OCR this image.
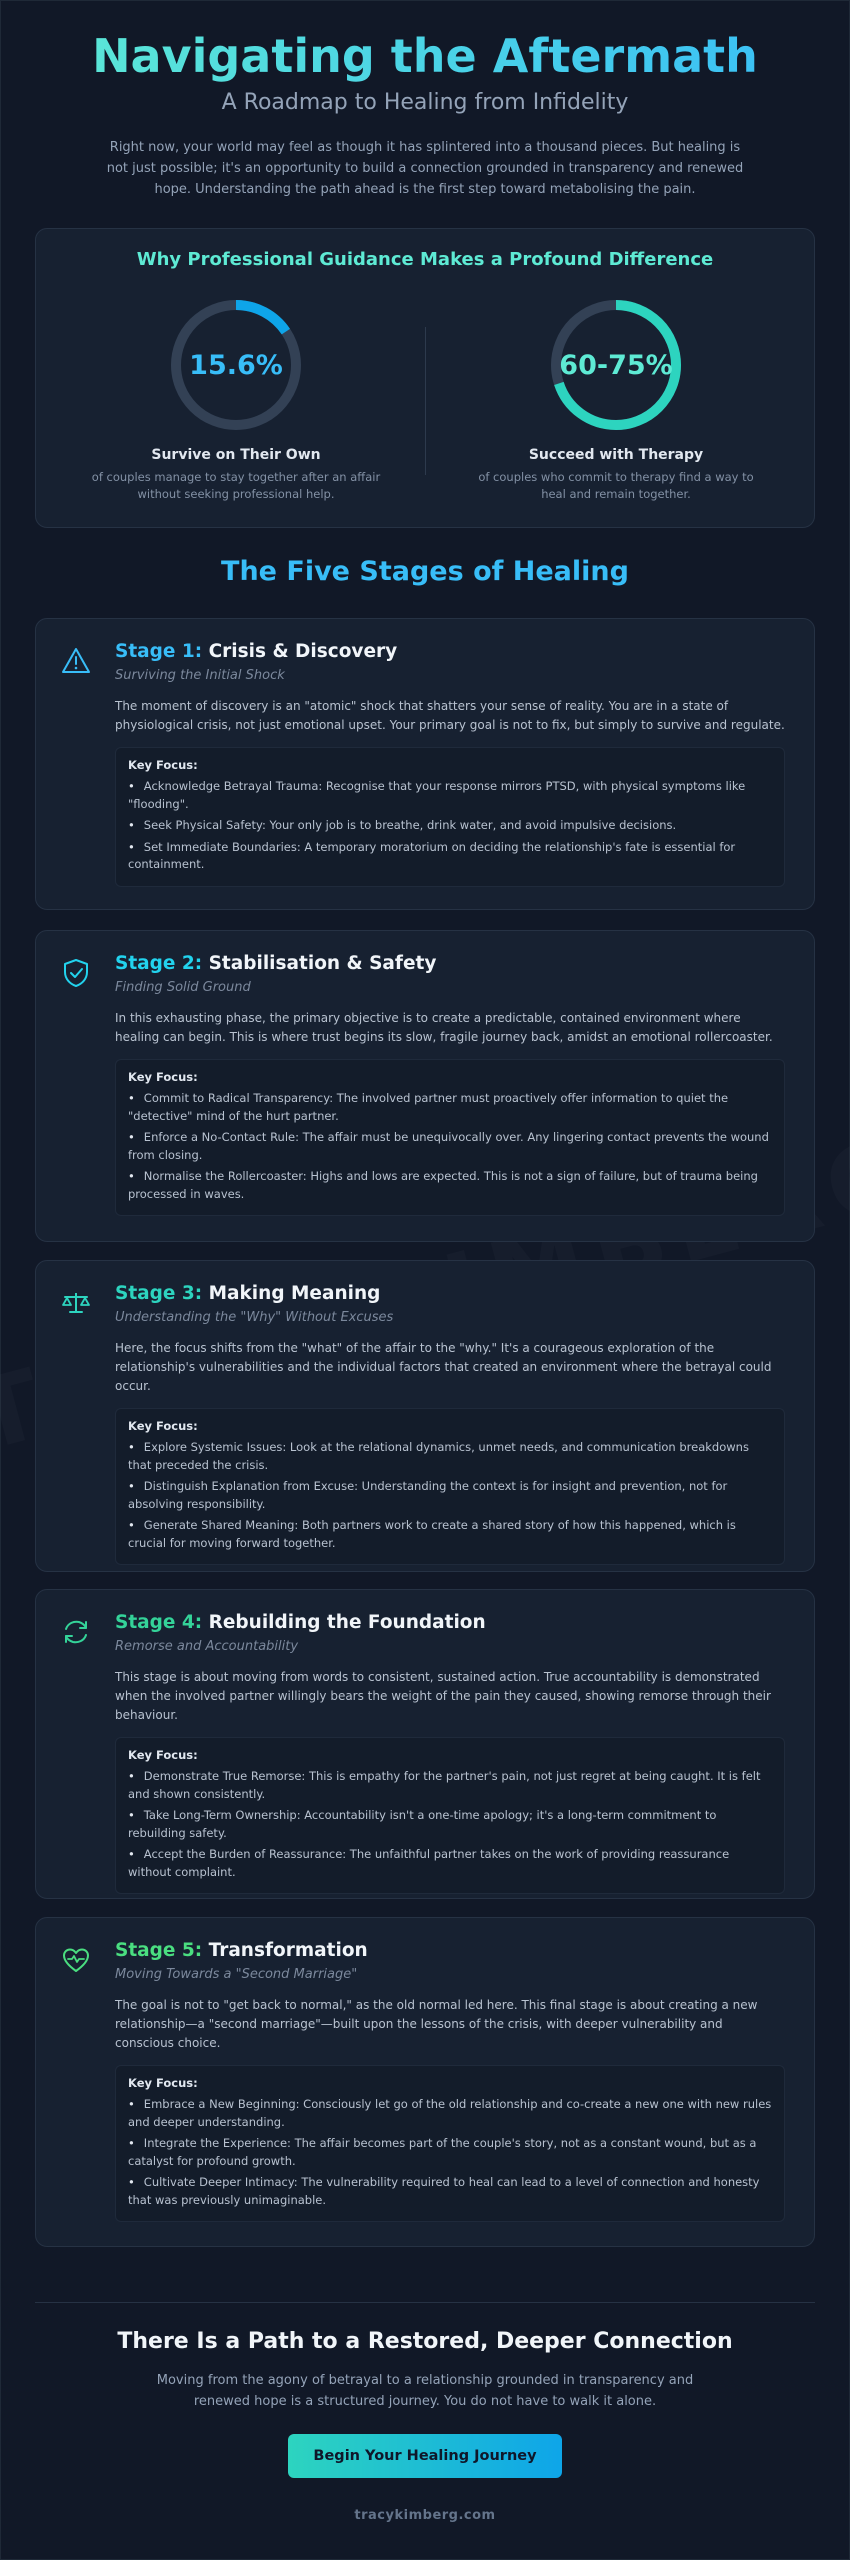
Navigating the Aftermath
A Roadmap to Healing from Infidelity

Right now, your world may feel as though it has splintered into a thousand pieces. But healing is not just possible; it's an opportunity to build a connection grounded in transparency and renewed hope. Understanding the path ahead is the first step toward metabolising the pain.

Why Professional Guidance Makes a Profound Difference
15.6%
Survive on Their Own
of couples manage to stay together after an affair without seeking professional help.
60-75%
Succeed with Therapy
of couples who commit to therapy find a way to heal and remain together.
The Five Stages of Healing
Stage 1: Crisis & Discovery
Surviving the Initial Shock

The moment of discovery is an "atomic" shock that shatters your sense of reality. You are in a state of physiological crisis, not just emotional upset. Your primary goal is not to fix, but simply to survive and regulate.

Key Focus:
• Acknowledge Betrayal Trauma: Recognise that your response mirrors PTSD, with physical symptoms like "flooding".
• Seek Physical Safety: Your only job is to breathe, drink water, and avoid impulsive decisions.
• Set Immediate Boundaries: A temporary moratorium on deciding the relationship's fate is essential for containment.
Stage 2: Stabilisation & Safety
Finding Solid Ground

In this exhausting phase, the primary objective is to create a predictable, contained environment where healing can begin. This is where trust begins its slow, fragile journey back, amidst an emotional rollercoaster.

Key Focus:
• Commit to Radical Transparency: The involved partner must proactively offer information to quiet the "detective" mind of the hurt partner.
• Enforce a No-Contact Rule: The affair must be unequivocally over. Any lingering contact prevents the wound from closing.
• Normalise the Rollercoaster: Highs and lows are expected. This is not a sign of failure, but of trauma being processed in waves.
Stage 3: Making Meaning
Understanding the "Why" Without Excuses

Here, the focus shifts from the "what" of the affair to the "why." It's a courageous exploration of the relationship's vulnerabilities and the individual factors that created an environment where the betrayal could occur.

Key Focus:
• Explore Systemic Issues: Look at the relational dynamics, unmet needs, and communication breakdowns that preceded the crisis.
• Distinguish Explanation from Excuse: Understanding the context is for insight and prevention, not for absolving responsibility.
• Generate Shared Meaning: Both partners work to create a shared story of how this happened, which is crucial for moving forward together.
Stage 4: Rebuilding the Foundation
Remorse and Accountability

This stage is about moving from words to consistent, sustained action. True accountability is demonstrated when the involved partner willingly bears the weight of the pain they caused, showing remorse through their behaviour.

Key Focus:
• Demonstrate True Remorse: This is empathy for the partner's pain, not just regret at being caught. It is felt and shown consistently.
• Take Long-Term Ownership: Accountability isn't a one-time apology; it's a long-term commitment to rebuilding safety.
• Accept the Burden of Reassurance: The unfaithful partner takes on the work of providing reassurance without complaint.
Stage 5: Transformation
Moving Towards a "Second Marriage"

The goal is not to "get back to normal," as the old normal led here. This final stage is about creating a new relationship—a "second marriage"—built upon the lessons of the crisis, with deeper vulnerability and conscious choice.

Key Focus:
• Embrace a New Beginning: Consciously let go of the old relationship and co-create a new one with new rules and deeper understanding.
• Integrate the Experience: The affair becomes part of the couple's story, not as a constant wound, but as a catalyst for profound growth.
• Cultivate Deeper Intimacy: The vulnerability required to heal can lead to a level of connection and honesty that was previously unimaginable.
There Is a Path to a Restored, Deeper Connection

Moving from the agony of betrayal to a relationship grounded in transparency and renewed hope is a structured journey. You do not have to walk it alone.

Begin Your Healing Journey
tracykimberg.com
